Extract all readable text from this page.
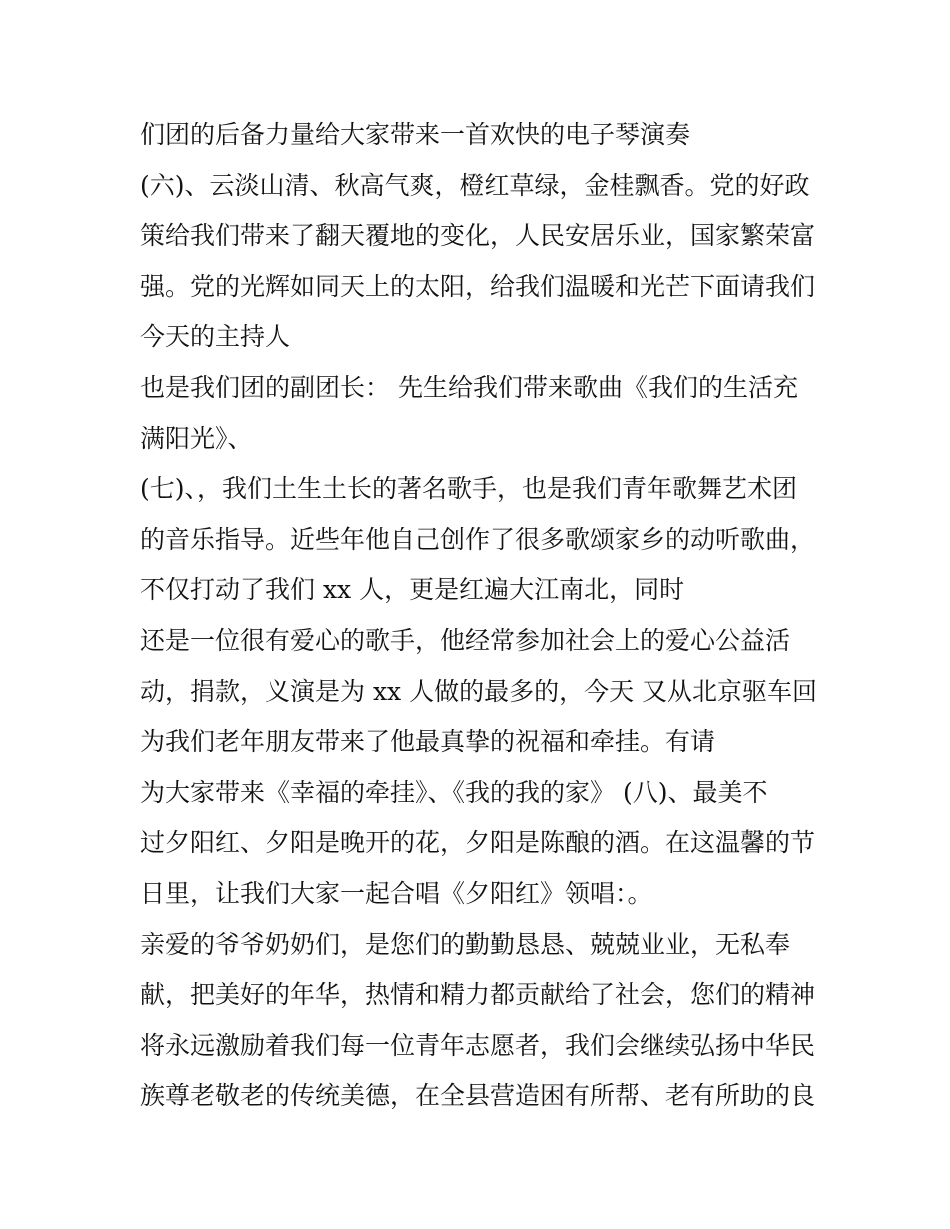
们团的后备力量给大家带来一首欢快的电子琴演奏
(六)、云淡山清、秋高气爽，橙红草绿，金桂飘香。党的好政
策给我们带来了翻天覆地的变化，人民安居乐业，国家繁荣富
强。党的光辉如同天上的太阳，给我们温暖和光芒下面请我们
今天的主持人
也是我们团的副团长： 先生给我们带来歌曲《我们的生活充
满阳光》、
(七)、，我们土生土长的著名歌手，也是我们青年歌舞艺术团
的音乐指导。近些年他自己创作了很多歌颂家乡的动听歌曲，
不仅打动了我们 xx 人，更是红遍大江南北，同时
还是一位很有爱心的歌手，他经常参加社会上的爱心公益活
动，捐款，义演是为 xx 人做的最多的，今天 又从北京驱车回
为我们老年朋友带来了他最真挚的祝福和牵挂。有请
为大家带来《幸福的牵挂》、《我的我的家》 (八)、最美不
过夕阳红、夕阳是晚开的花，夕阳是陈酿的酒。在这温馨的节
日里，让我们大家一起合唱《夕阳红》领唱：。
亲爱的爷爷奶奶们，是您们的勤勤恳恳、兢兢业业，无私奉
献，把美好的年华，热情和精力都贡献给了社会，您们的精神
将永远激励着我们每一位青年志愿者，我们会继续弘扬中华民
族尊老敬老的传统美德，在全县营造困有所帮、老有所助的良
